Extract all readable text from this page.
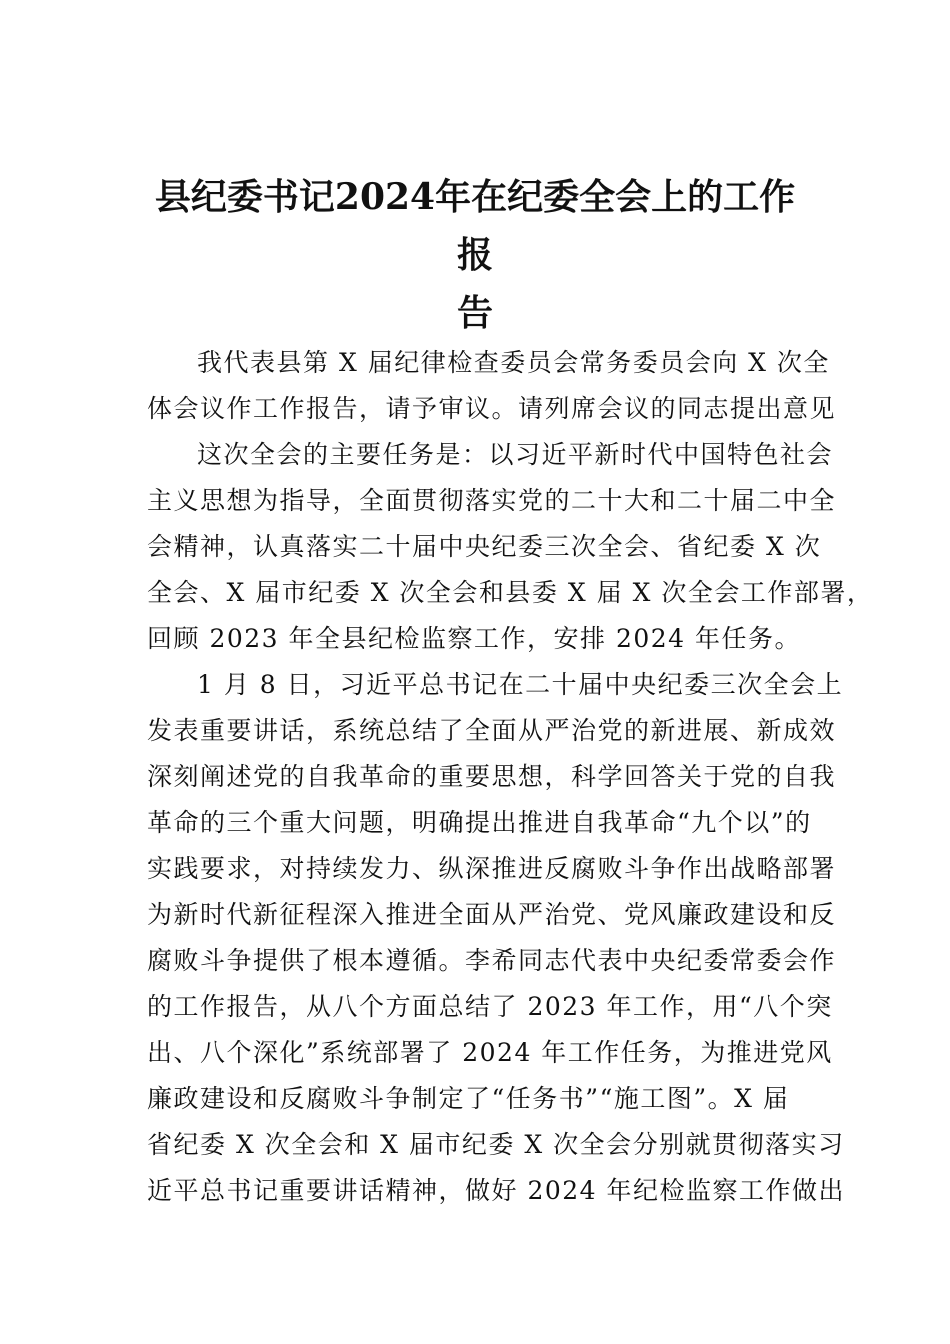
县纪委书记2024年在纪委全会上的工作报
告

我代表县第 X 届纪律检查委员会常务委员会向 X 次全
体会议作工作报告，请予审议。请列席会议的同志提出意见

这次全会的主要任务是：以习近平新时代中国特色社会
主义思想为指导，全面贯彻落实党的二十大和二十届二中全
会精神，认真落实二十届中央纪委三次全会、省纪委 X 次
全会、X 届市纪委 X 次全会和县委 X 届 X 次全会工作部署，
回顾 2023 年全县纪检监察工作，安排 2024 年任务。

1 月 8 日，习近平总书记在二十届中央纪委三次全会上
发表重要讲话，系统总结了全面从严治党的新进展、新成效
深刻阐述党的自我革命的重要思想，科学回答关于党的自我
革命的三个重大问题，明确提出推进自我革命“九个以”的
实践要求，对持续发力、纵深推进反腐败斗争作出战略部署
为新时代新征程深入推进全面从严治党、党风廉政建设和反
腐败斗争提供了根本遵循。李希同志代表中央纪委常委会作
的工作报告，从八个方面总结了 2023 年工作，用“八个突
出、八个深化”系统部署了 2024 年工作任务，为推进党风
廉政建设和反腐败斗争制定了“任务书”“施工图”。X 届
省纪委 X 次全会和 X 届市纪委 X 次全会分别就贯彻落实习
近平总书记重要讲话精神，做好 2024 年纪检监察工作做出
